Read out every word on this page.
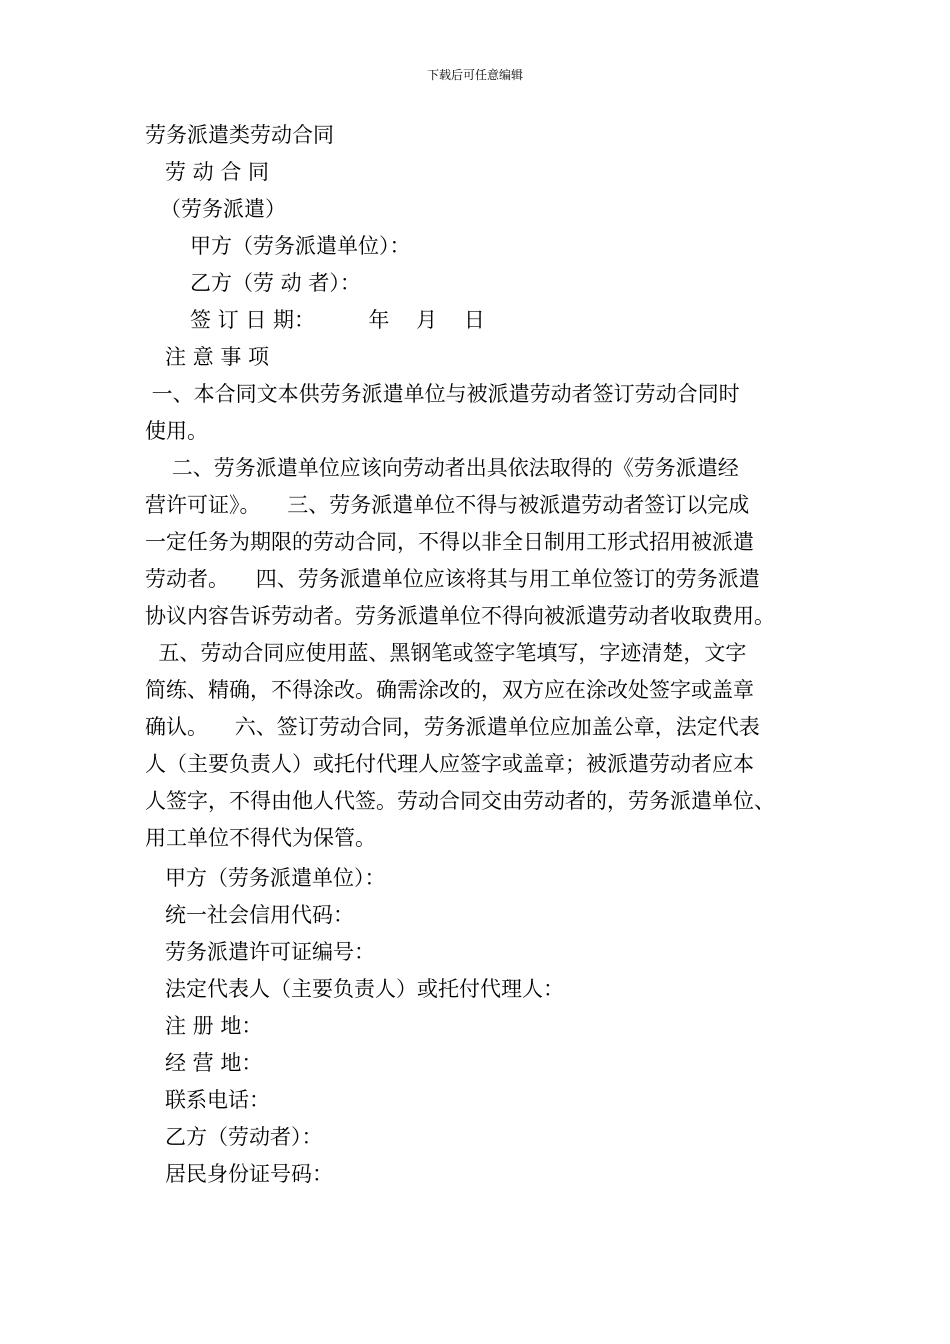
下载后可任意编辑
劳务派遣类劳动合同
劳 动 合 同
（劳务派遣）
甲方（劳务派遣单位）：
乙方（劳 动 者）：
签 订 日 期：        年    月    日
注 意 事 项
一、本合同文本供劳务派遣单位与被派遣劳动者签订劳动合同时
使用。
二、劳务派遣单位应该向劳动者出具依法取得的《劳务派遣经
营许可证》。    三、劳务派遣单位不得与被派遣劳动者签订以完成
一定任务为期限的劳动合同，不得以非全日制用工形式招用被派遣
劳动者。    四、劳务派遣单位应该将其与用工单位签订的劳务派遣
协议内容告诉劳动者。劳务派遣单位不得向被派遣劳动者收取费用。
五、劳动合同应使用蓝、黑钢笔或签字笔填写，字迹清楚，文字
简练、精确，不得涂改。确需涂改的，双方应在涂改处签字或盖章
确认。    六、签订劳动合同，劳务派遣单位应加盖公章，法定代表
人（主要负责人）或托付代理人应签字或盖章；被派遣劳动者应本
人签字，不得由他人代签。劳动合同交由劳动者的，劳务派遣单位、
用工单位不得代为保管。
甲方（劳务派遣单位）：
统一社会信用代码：
劳务派遣许可证编号：
法定代表人（主要负责人）或托付代理人：
注 册 地：
经 营 地：
联系电话：
乙方（劳动者）：
居民身份证号码：
